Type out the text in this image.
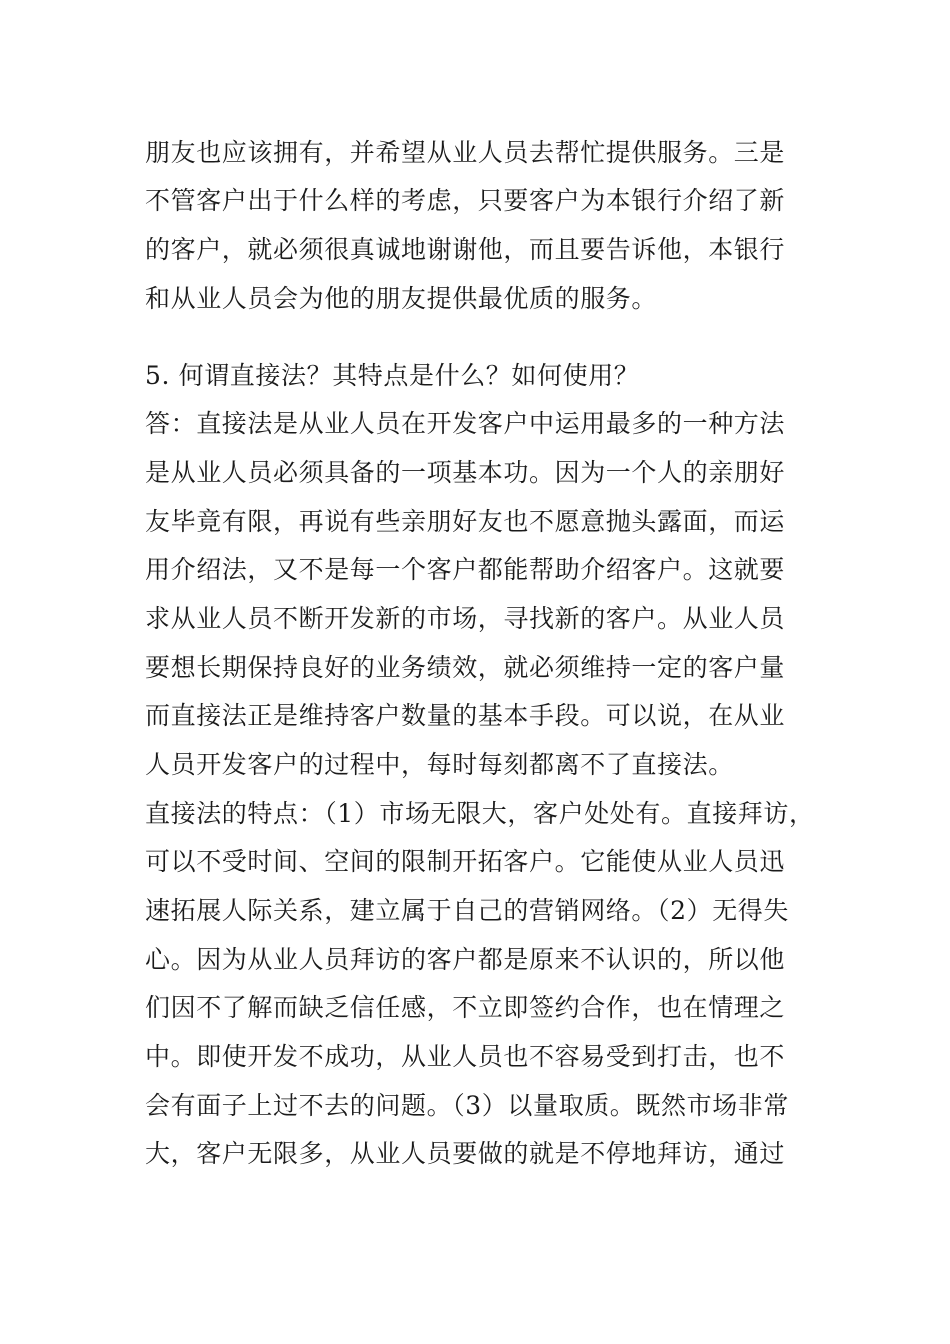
朋友也应该拥有，并希望从业人员去帮忙提供服务。三是
不管客户出于什么样的考虑，只要客户为本银行介绍了新
的客户，就必须很真诚地谢谢他，而且要告诉他，本银行
和从业人员会为他的朋友提供最优质的服务。
5. 何谓直接法？其特点是什么？如何使用？
答：直接法是从业人员在开发客户中运用最多的一种方法
是从业人员必须具备的一项基本功。因为一个人的亲朋好
友毕竟有限，再说有些亲朋好友也不愿意抛头露面，而运
用介绍法，又不是每一个客户都能帮助介绍客户。这就要
求从业人员不断开发新的市场，寻找新的客户。从业人员
要想长期保持良好的业务绩效，就必须维持一定的客户量
而直接法正是维持客户数量的基本手段。可以说，在从业
人员开发客户的过程中，每时每刻都离不了直接法。
直接法的特点：（1）市场无限大，客户处处有。直接拜访，
可以不受时间、空间的限制开拓客户。它能使从业人员迅
速拓展人际关系，建立属于自己的营销网络。（2）无得失
心。因为从业人员拜访的客户都是原来不认识的，所以他
们因不了解而缺乏信任感，不立即签约合作，也在情理之
中。即使开发不成功，从业人员也不容易受到打击，也不
会有面子上过不去的问题。（3）以量取质。既然市场非常
大，客户无限多，从业人员要做的就是不停地拜访，通过
